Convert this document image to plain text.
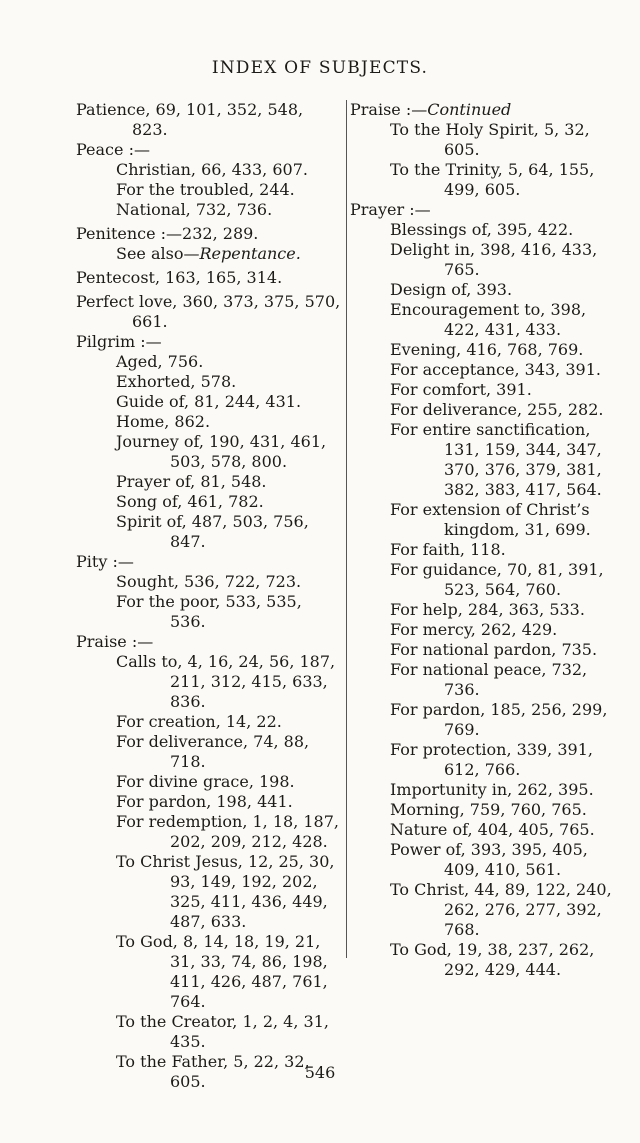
INDEX OF SUBJECTS.
Patience, 69, 101, 352, 548, 823.
Peace :—
Christian, 66, 433, 607.
For the troubled, 244.
National, 732, 736.
Penitence :—232, 289.
See also—Repentance.
Pentecost, 163, 165, 314.
Perfect love, 360, 373, 375, 570, 661.
Pilgrim :—
Aged, 756.
Exhorted, 578.
Guide of, 81, 244, 431.
Home, 862.
Journey of, 190, 431, 461, 503, 578, 800.
Prayer of, 81, 548.
Song of, 461, 782.
Spirit of, 487, 503, 756, 847.
Pity :—
Sought, 536, 722, 723.
For the poor, 533, 535, 536.
Praise :—
Calls to, 4, 16, 24, 56, 187, 211, 312, 415, 633, 836.
For creation, 14, 22.
For deliverance, 74, 88, 718.
For divine grace, 198.
For pardon, 198, 441.
For redemption, 1, 18, 187, 202, 209, 212, 428.
To Christ Jesus, 12, 25, 30, 93, 149, 192, 202, 325, 411, 436, 449, 487, 633.
To God, 8, 14, 18, 19, 21, 31, 33, 74, 86, 198, 411, 426, 487, 761, 764.
To the Creator, 1, 2, 4, 31, 435.
To the Father, 5, 22, 32, 605.
Praise :—Continued
To the Holy Spirit, 5, 32, 605.
To the Trinity, 5, 64, 155, 499, 605.
Prayer :—
Blessings of, 395, 422.
Delight in, 398, 416, 433, 765.
Design of, 393.
Encouragement to, 398, 422, 431, 433.
Evening, 416, 768, 769.
For acceptance, 343, 391.
For comfort, 391.
For deliverance, 255, 282.
For entire sanctification, 131, 159, 344, 347, 370, 376, 379, 381, 382, 383, 417, 564.
For extension of Christ’s kingdom, 31, 699.
For faith, 118.
For guidance, 70, 81, 391, 523, 564, 760.
For help, 284, 363, 533.
For mercy, 262, 429.
For national pardon, 735.
For national peace, 732, 736.
For pardon, 185, 256, 299, 769.
For protection, 339, 391, 612, 766.
Importunity in, 262, 395.
Morning, 759, 760, 765.
Nature of, 404, 405, 765.
Power of, 393, 395, 405, 409, 410, 561.
To Christ, 44, 89, 122, 240, 262, 276, 277, 392, 768.
To God, 19, 38, 237, 262, 292, 429, 444.
546
